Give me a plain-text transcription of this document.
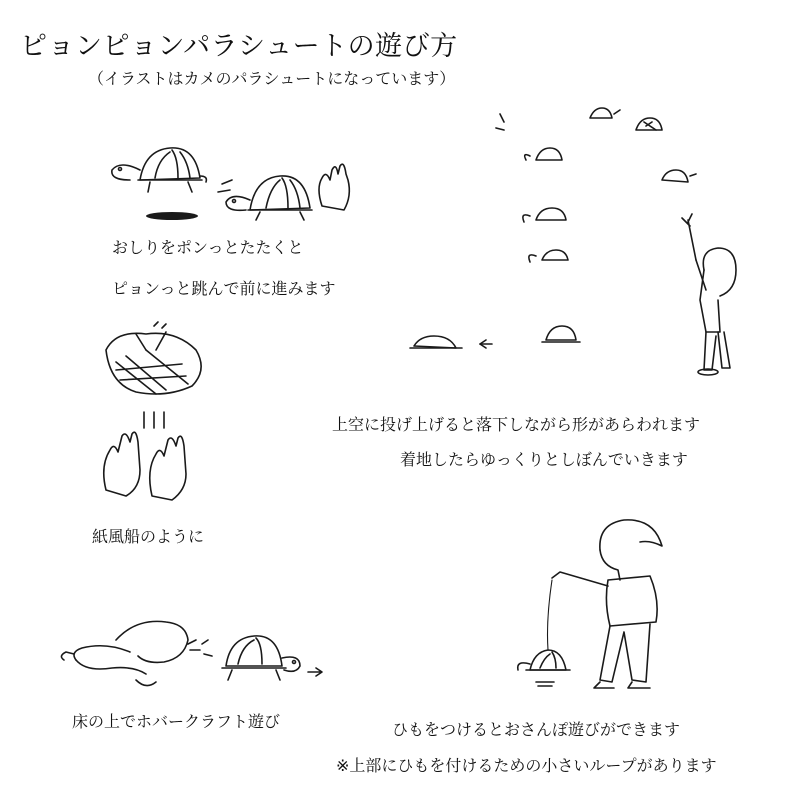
ピョンピョンパラシュートの遊び方
（イラストはカメのパラシュートになっています）
おしりをポンっとたたくと
ピョンっと跳んで前に進みます
上空に投げ上げると落下しながら形があらわれます
着地したらゆっくりとしぼんでいきます
紙風船のように
床の上でホバークラフト遊び	ひもをつけるとおさんぽ遊びができます
※上部にひもを付けるための小さいループがあります
